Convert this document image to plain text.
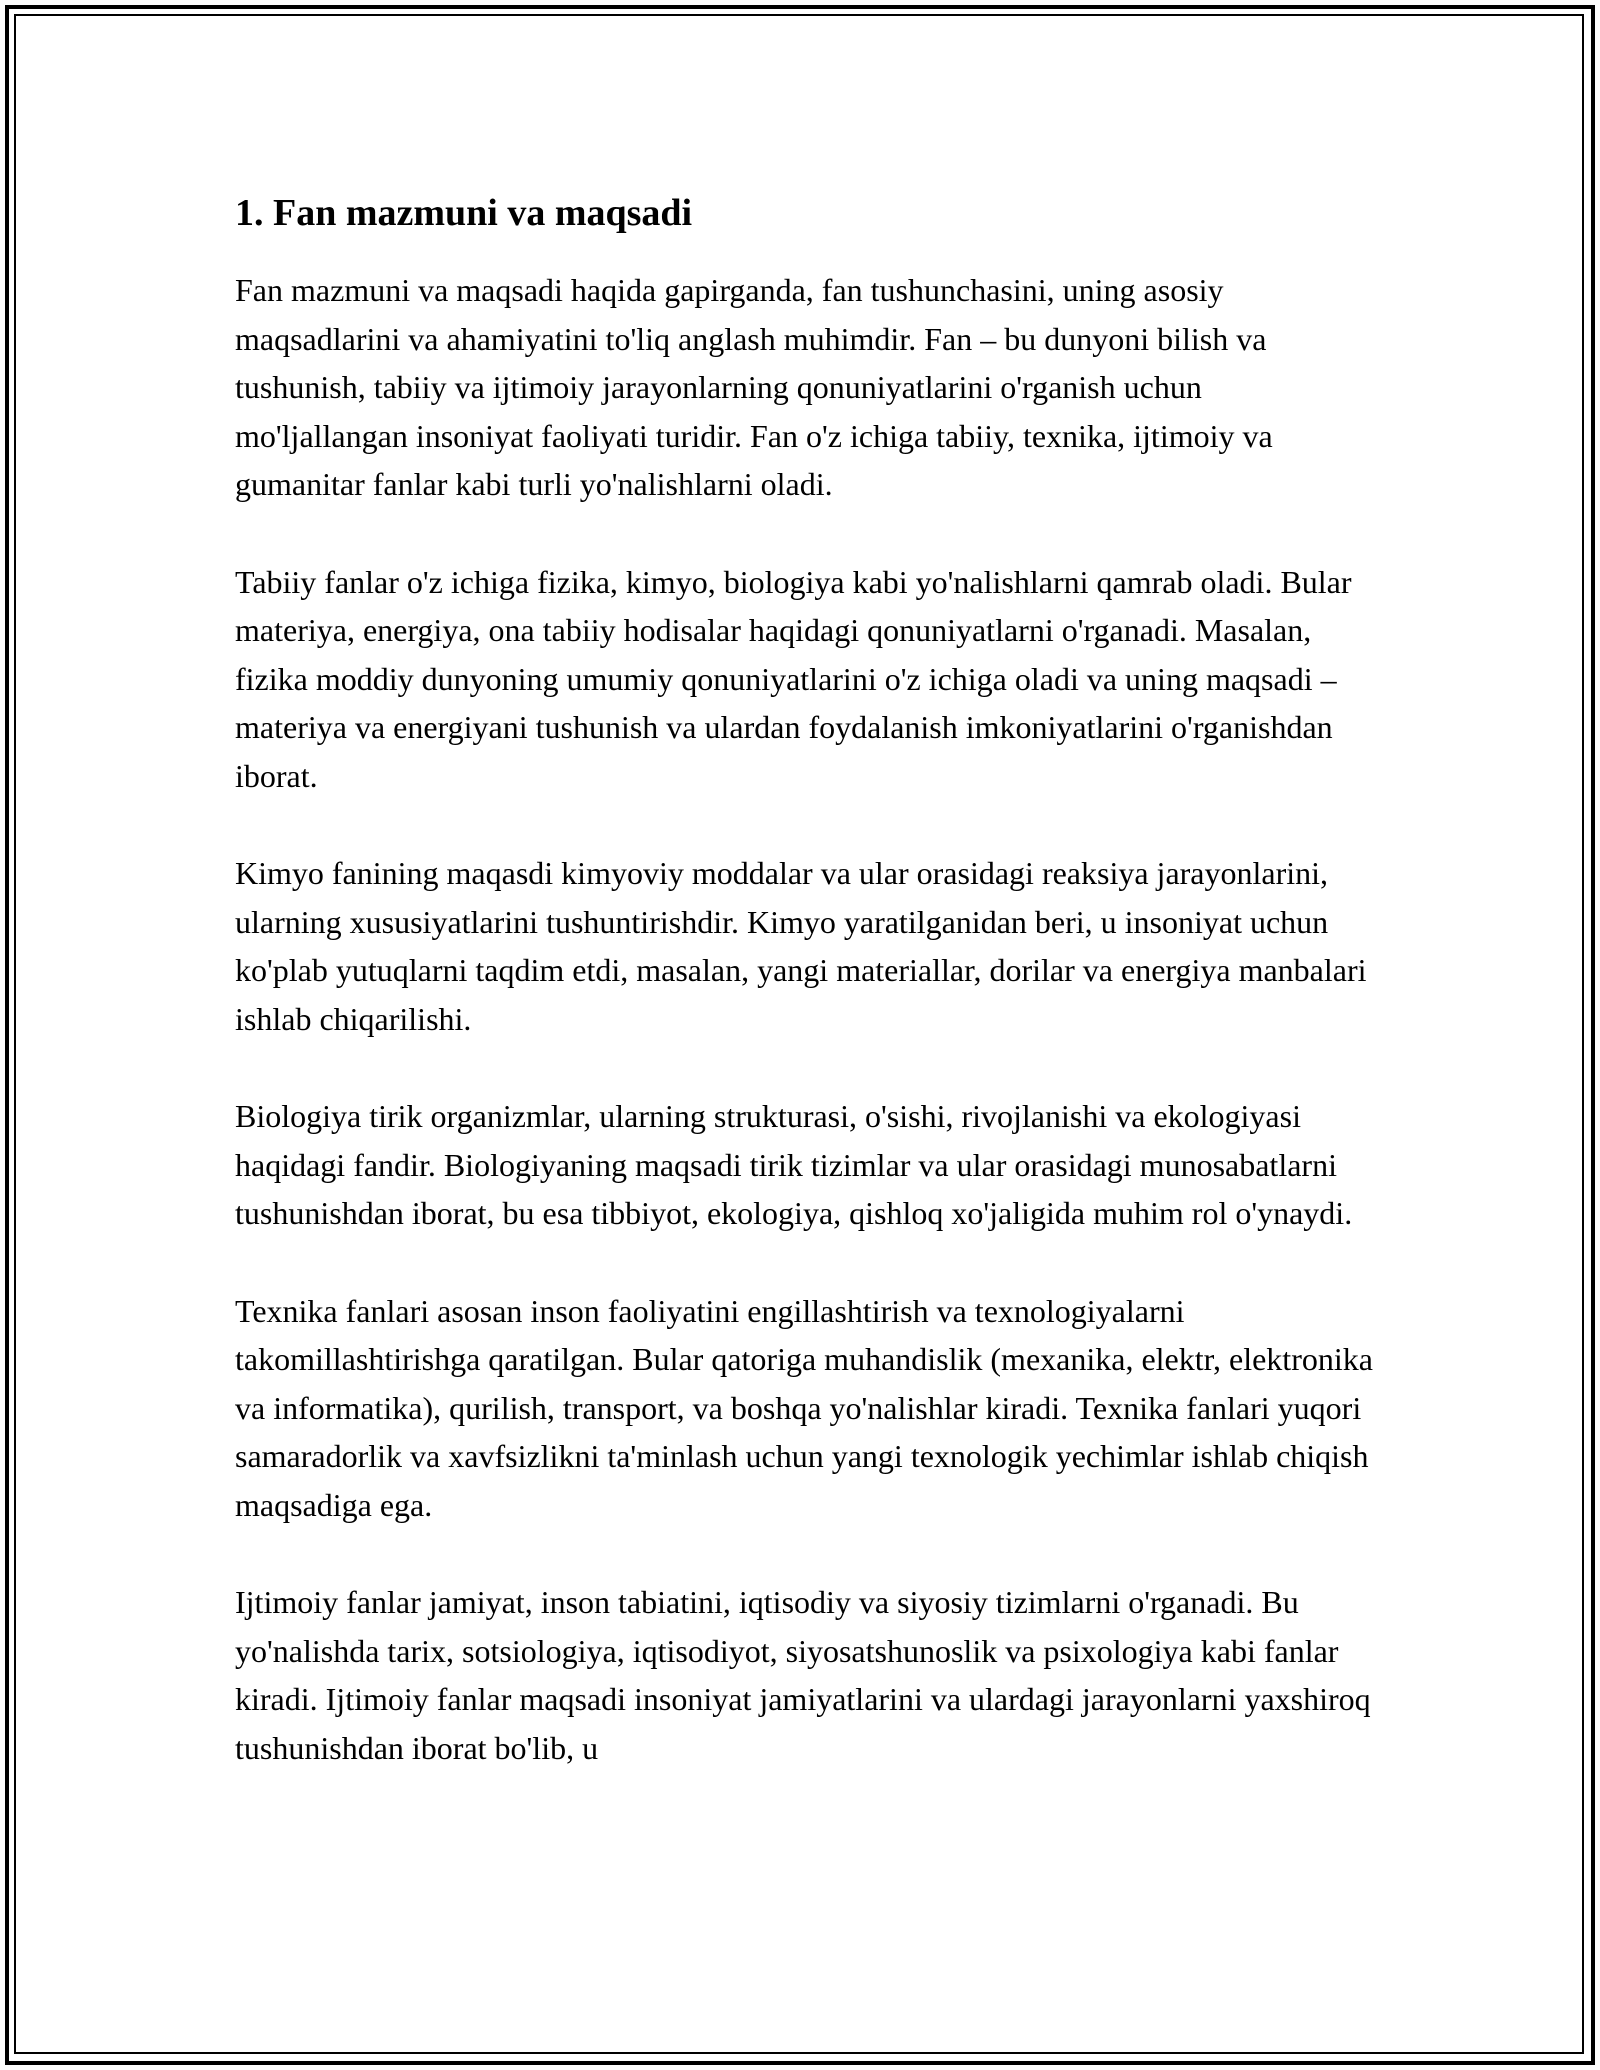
1. Fan mazmuni va maqsadi

Fan mazmuni va maqsadi haqida gapirganda, fan tushunchasini, uning asosiy maqsadlarini va ahamiyatini to'liq anglash muhimdir. Fan – bu dunyoni bilish va tushunish, tabiiy va ijtimoiy jarayonlarning qonuniyatlarini o'rganish uchun mo'ljallangan insoniyat faoliyati turidir. Fan o'z ichiga tabiiy, texnika, ijtimoiy va gumanitar fanlar kabi turli yo'nalishlarni oladi.

Tabiiy fanlar o'z ichiga fizika, kimyo, biologiya kabi yo'nalishlarni qamrab oladi. Bular materiya, energiya, ona tabiiy hodisalar haqidagi qonuniyatlarni o'rganadi. Masalan, fizika moddiy dunyoning umumiy qonuniyatlarini o'z ichiga oladi va uning maqsadi – materiya va energiyani tushunish va ulardan foydalanish imkoniyatlarini o'rganishdan iborat.

Kimyo fanining maqasdi kimyoviy moddalar va ular orasidagi reaksiya jarayonlarini, ularning xususiyatlarini tushuntirishdir. Kimyo yaratilganidan beri, u insoniyat uchun ko'plab yutuqlarni taqdim etdi, masalan, yangi materiallar, dorilar va energiya manbalari ishlab chiqarilishi.

Biologiya tirik organizmlar, ularning strukturasi, o'sishi, rivojlanishi va ekologiyasi haqidagi fandir. Biologiyaning maqsadi tirik tizimlar va ular orasidagi munosabatlarni tushunishdan iborat, bu esa tibbiyot, ekologiya, qishloq xo'jaligida muhim rol o'ynaydi.

Texnika fanlari asosan inson faoliyatini engillashtirish va texnologiyalarni takomillashtirishga qaratilgan. Bular qatoriga muhandislik (mexanika, elektr, elektronika va informatika), qurilish, transport, va boshqa yo'nalishlar kiradi. Texnika fanlari yuqori samaradorlik va xavfsizlikni ta'minlash uchun yangi texnologik yechimlar ishlab chiqish maqsadiga ega.

Ijtimoiy fanlar jamiyat, inson tabiatini, iqtisodiy va siyosiy tizimlarni o'rganadi. Bu yo'nalishda tarix, sotsiologiya, iqtisodiyot, siyosatshunoslik va psixologiya kabi fanlar kiradi. Ijtimoiy fanlar maqsadi insoniyat jamiyatlarini va ulardagi jarayonlarni yaxshiroq tushunishdan iborat bo'lib, u
